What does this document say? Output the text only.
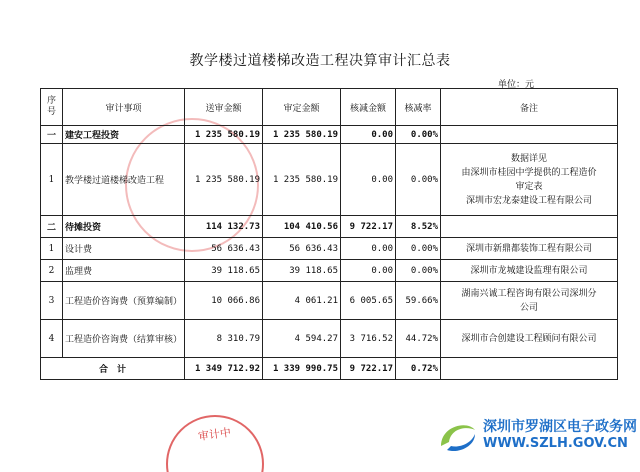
教学楼过道楼梯改造工程决算审计汇总表
单位：元
序号	审计事项	送审金额	审定金额	核减金额	核减率	备注
一	建安工程投资	1 235 580.19	1 235 580.19	0.00	0.00%	
1	教学楼过道楼梯改造工程	1 235 580.19	1 235 580.19	0.00	0.00%	数据详见
由深圳市桂园中学提供的工程造价
审定表
深圳市宏龙泰建设工程有限公司

二	待摊投资	114 132.73	104 410.56	9 722.17	8.52%	
1	设计费	56 636.43	56 636.43	0.00	0.00%	深圳市新鼎都装饰工程有限公司
2	监理费	39 118.65	39 118.65	0.00	0.00%	深圳市龙城建设监理有限公司
3	工程造价咨询费（预算编制）	10 066.86	4 061.21	6 005.65	59.66%	湖南兴诚工程咨询有限公司深圳分
公司

4	工程造价咨询费（结算审核）	8 310.79	4 594.27	3 716.52	44.72%	深圳市合创建设工程顾问有限公司
合　计		1 349 712.92	1 339 990.75	9 722.17	0.72%	
审计中	深圳市罗湖区电子政务网
WWW.SZLH.GOV.CN
